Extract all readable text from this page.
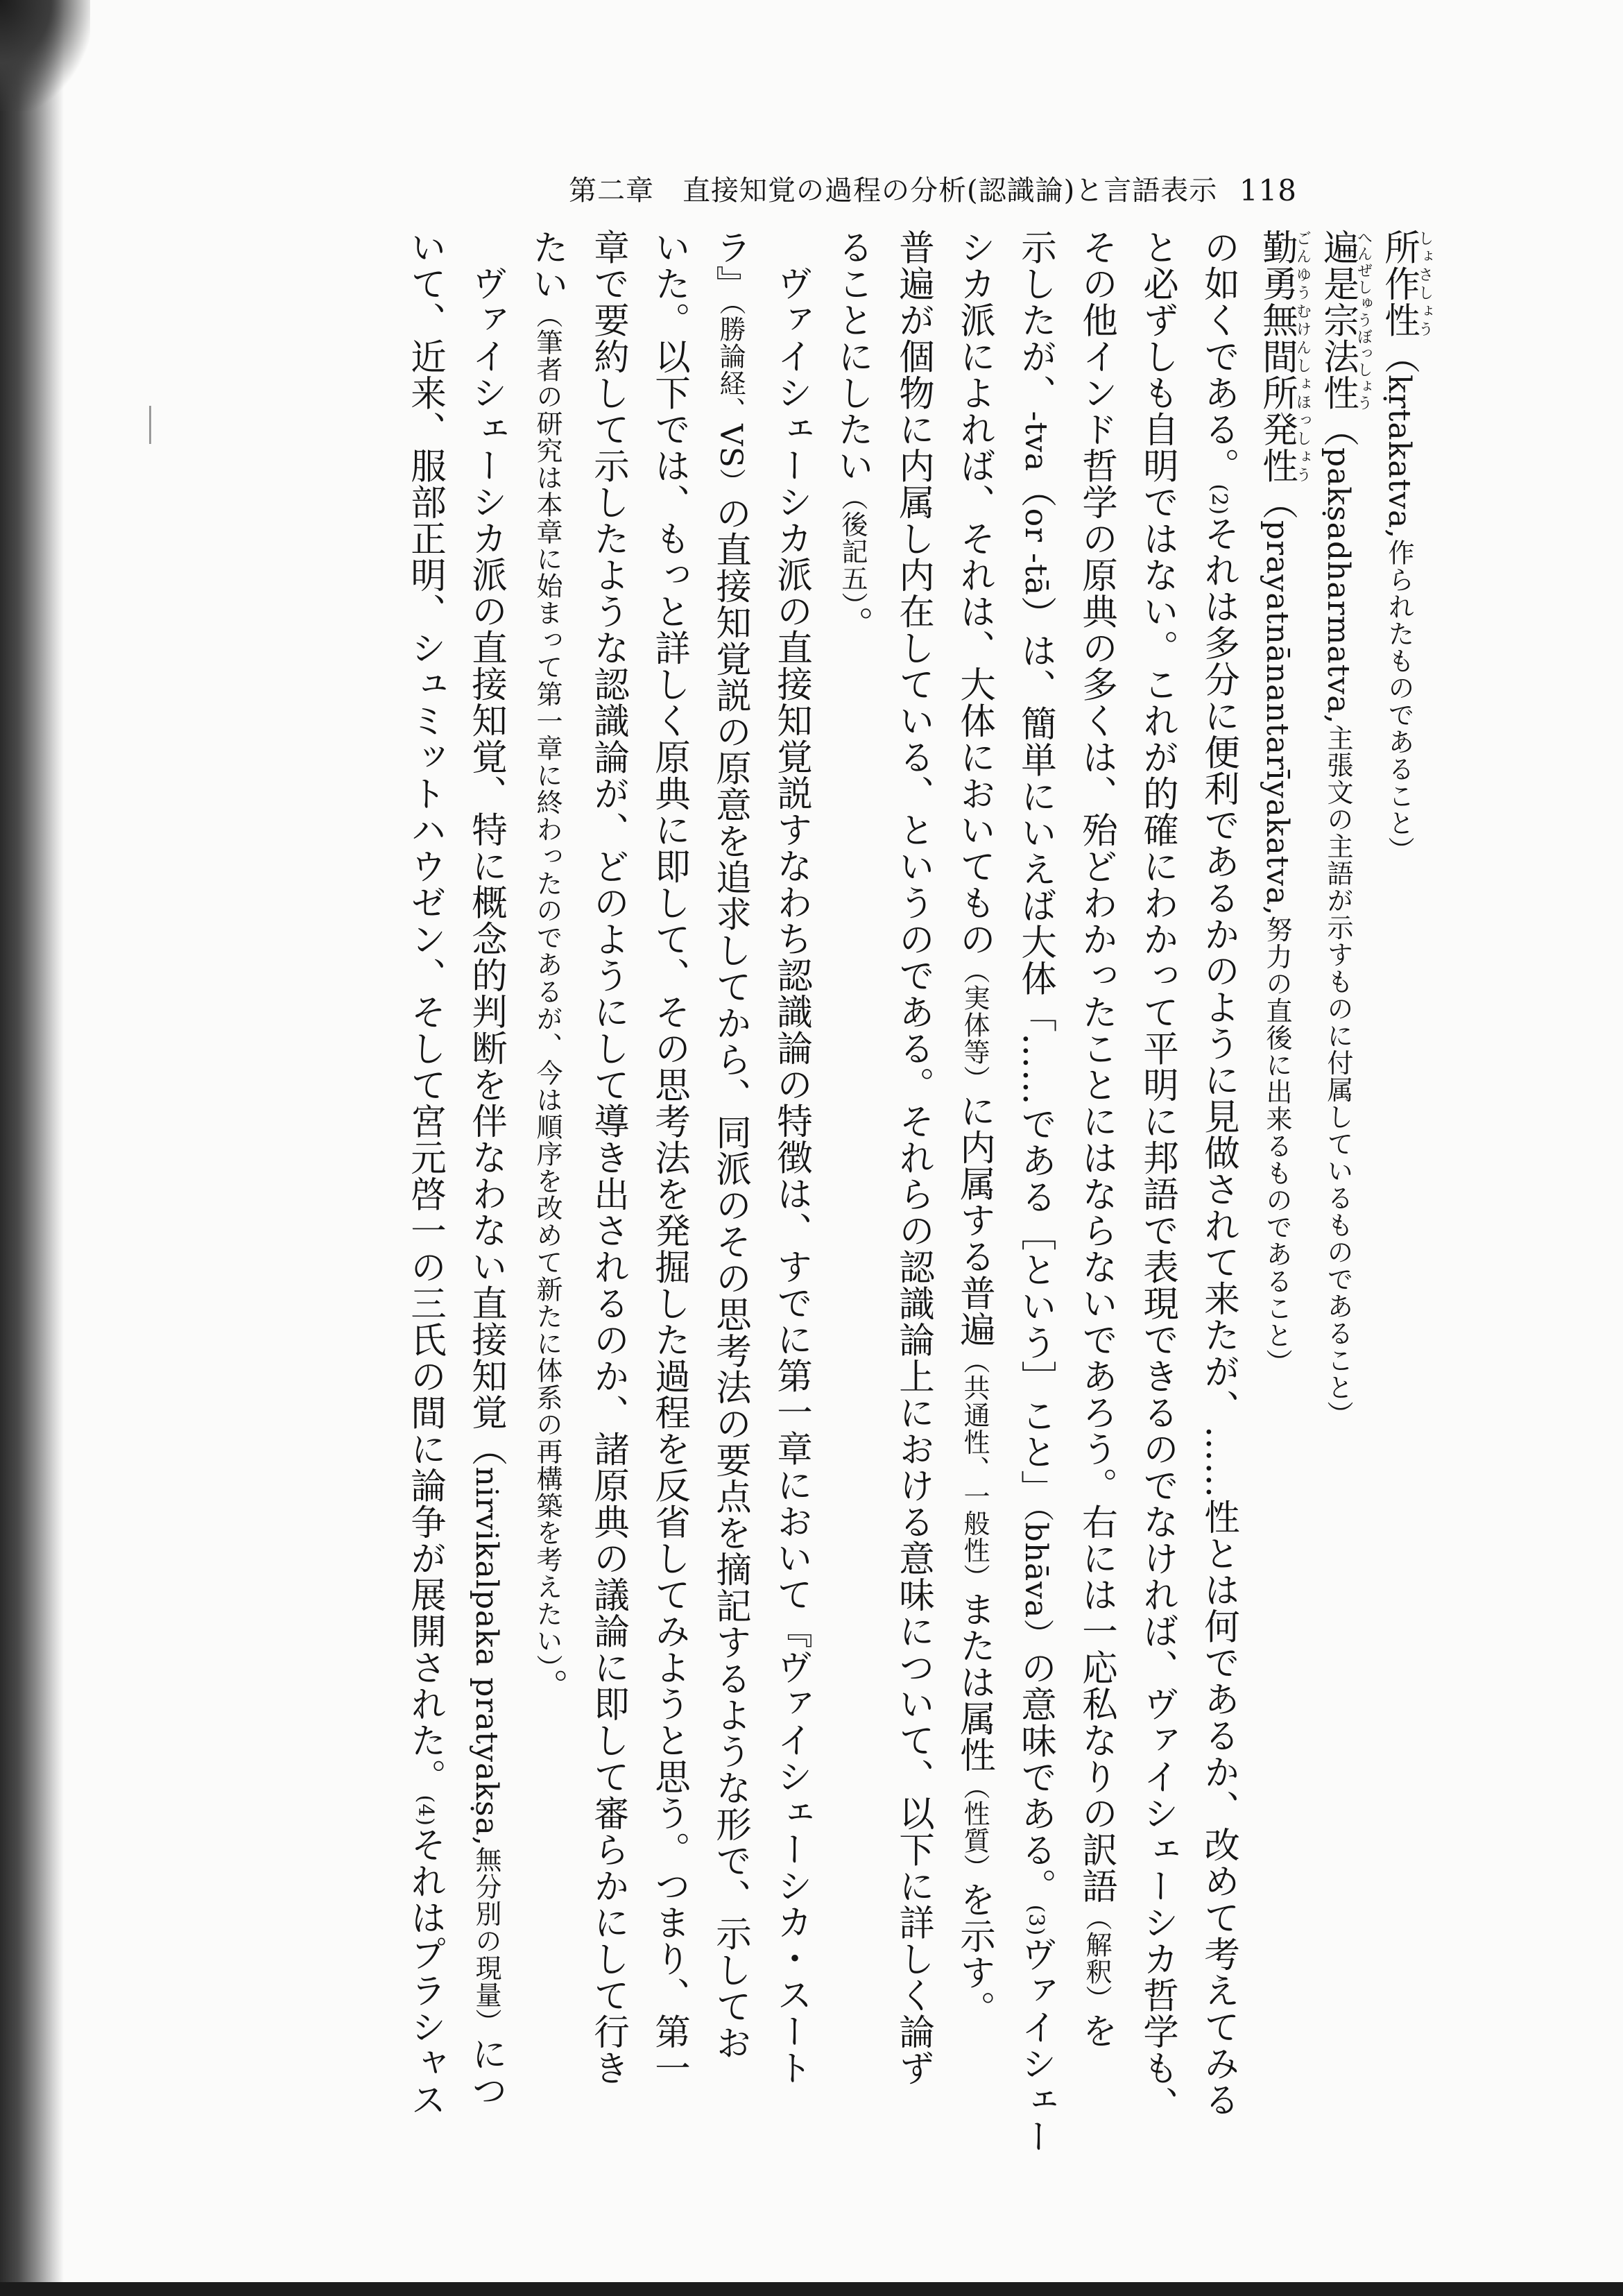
第二章　直接知覚の過程の分析(認識論)と言語表示 118
所作性しょさしょう（kṛtakatva,作られたものであること）
遍是宗法性へんぜしゅうぼっしょう（pakṣadharmatva,主張文の主語が示すものに付属しているものであること）
勤勇無間所発性ごんゆうむけんしょほっしょう（prayatnānantarīyakatva,努力の直後に出来るものであること）
の如くである。(2)それは多分に便利であるかのように見做されて来たが、……性とは何であるか、改めて考えてみる
と必ずしも自明ではない。これが的確にわかって平明に邦語で表現できるのでなければ、ヴァイシェーシカ哲学も、
その他インド哲学の原典の多くは、殆どわかったことにはならないであろう。右には一応私なりの訳語（解釈）を
示したが、-tva（or -tā）は、簡単にいえば大体「……である［という］こと」（bhāva）の意味である。(3)ヴァイシェー
シカ派によれば、それは、大体においてもの（実体等）に内属する普遍（共通性、一般性）または属性（性質）を示す。
普遍が個物に内属し内在している、というのである。それらの認識論上における意味について、以下に詳しく論ず
ることにしたい（後記五）。
ヴァイシェーシカ派の直接知覚説すなわち認識論の特徴は、すでに第一章において『ヴァイシェーシカ・スート
ラ』（勝論経、VS）の直接知覚説の原意を追求してから、同派のその思考法の要点を摘記するような形で、示してお
いた。以下では、もっと詳しく原典に即して、その思考法を発掘した過程を反省してみようと思う。つまり、第一
章で要約して示したような認識論が、どのようにして導き出されるのか、諸原典の議論に即して審らかにして行き
たい（筆者の研究は本章に始まって第一章に終わったのであるが、今は順序を改めて新たに体系の再構築を考えたい）。
ヴァイシェーシカ派の直接知覚、特に概念的判断を伴なわない直接知覚（nirvikalpaka pratyakṣa,無分別の現量）につ
いて、近来、服部正明、シュミットハウゼン、そして宮元啓一の三氏の間に論争が展開された。(4)それはプラシャス
